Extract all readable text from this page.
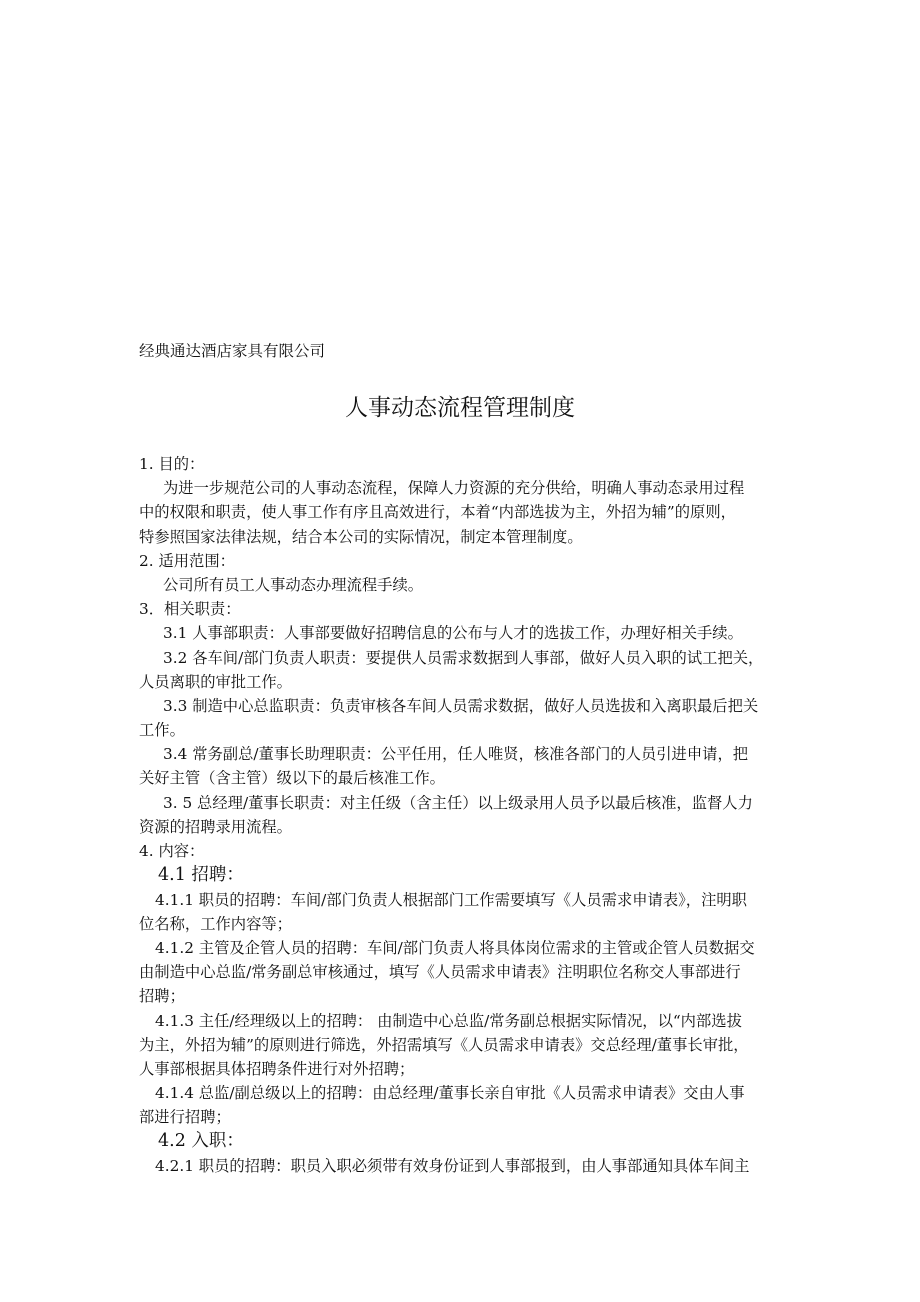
经典通达酒店家具有限公司
人事动态流程管理制度
1. 目的：
为进一步规范公司的人事动态流程，保障人力资源的充分供给，明确人事动态录用过程
中的权限和职责，使人事工作有序且高效进行，本着“内部选拔为主，外招为辅”的原则，
特参照国家法律法规，结合本公司的实际情况，制定本管理制度。
2. 适用范围：
公司所有员工人事动态办理流程手续。
3．相关职责：
3.1 人事部职责：人事部要做好招聘信息的公布与人才的选拔工作，办理好相关手续。
3.2 各车间/部门负责人职责：要提供人员需求数据到人事部，做好人员入职的试工把关，
人员离职的审批工作。
3.3 制造中心总监职责：负责审核各车间人员需求数据，做好人员选拔和入离职最后把关
工作。
3.4 常务副总/董事长助理职责：公平任用，任人唯贤，核准各部门的人员引进申请，把
关好主管（含主管）级以下的最后核准工作。
3. 5 总经理/董事长职责：对主任级（含主任）以上级录用人员予以最后核准，监督人力
资源的招聘录用流程。
4. 内容：
4.1 招聘：
4.1.1 职员的招聘：车间/部门负责人根据部门工作需要填写《人员需求申请表》，注明职
位名称，工作内容等；
4.1.2 主管及企管人员的招聘：车间/部门负责人将具体岗位需求的主管或企管人员数据交
由制造中心总监/常务副总审核通过，填写《人员需求申请表》注明职位名称交人事部进行
招聘；
4.1.3 主任/经理级以上的招聘： 由制造中心总监/常务副总根据实际情况，以“内部选拔
为主，外招为辅”的原则进行筛选，外招需填写《人员需求申请表》交总经理/董事长审批，
人事部根据具体招聘条件进行对外招聘；
4.1.4 总监/副总级以上的招聘：由总经理/董事长亲自审批《人员需求申请表》交由人事
部进行招聘；
4.2 入职：
4.2.1 职员的招聘：职员入职必须带有效身份证到人事部报到，由人事部通知具体车间主
